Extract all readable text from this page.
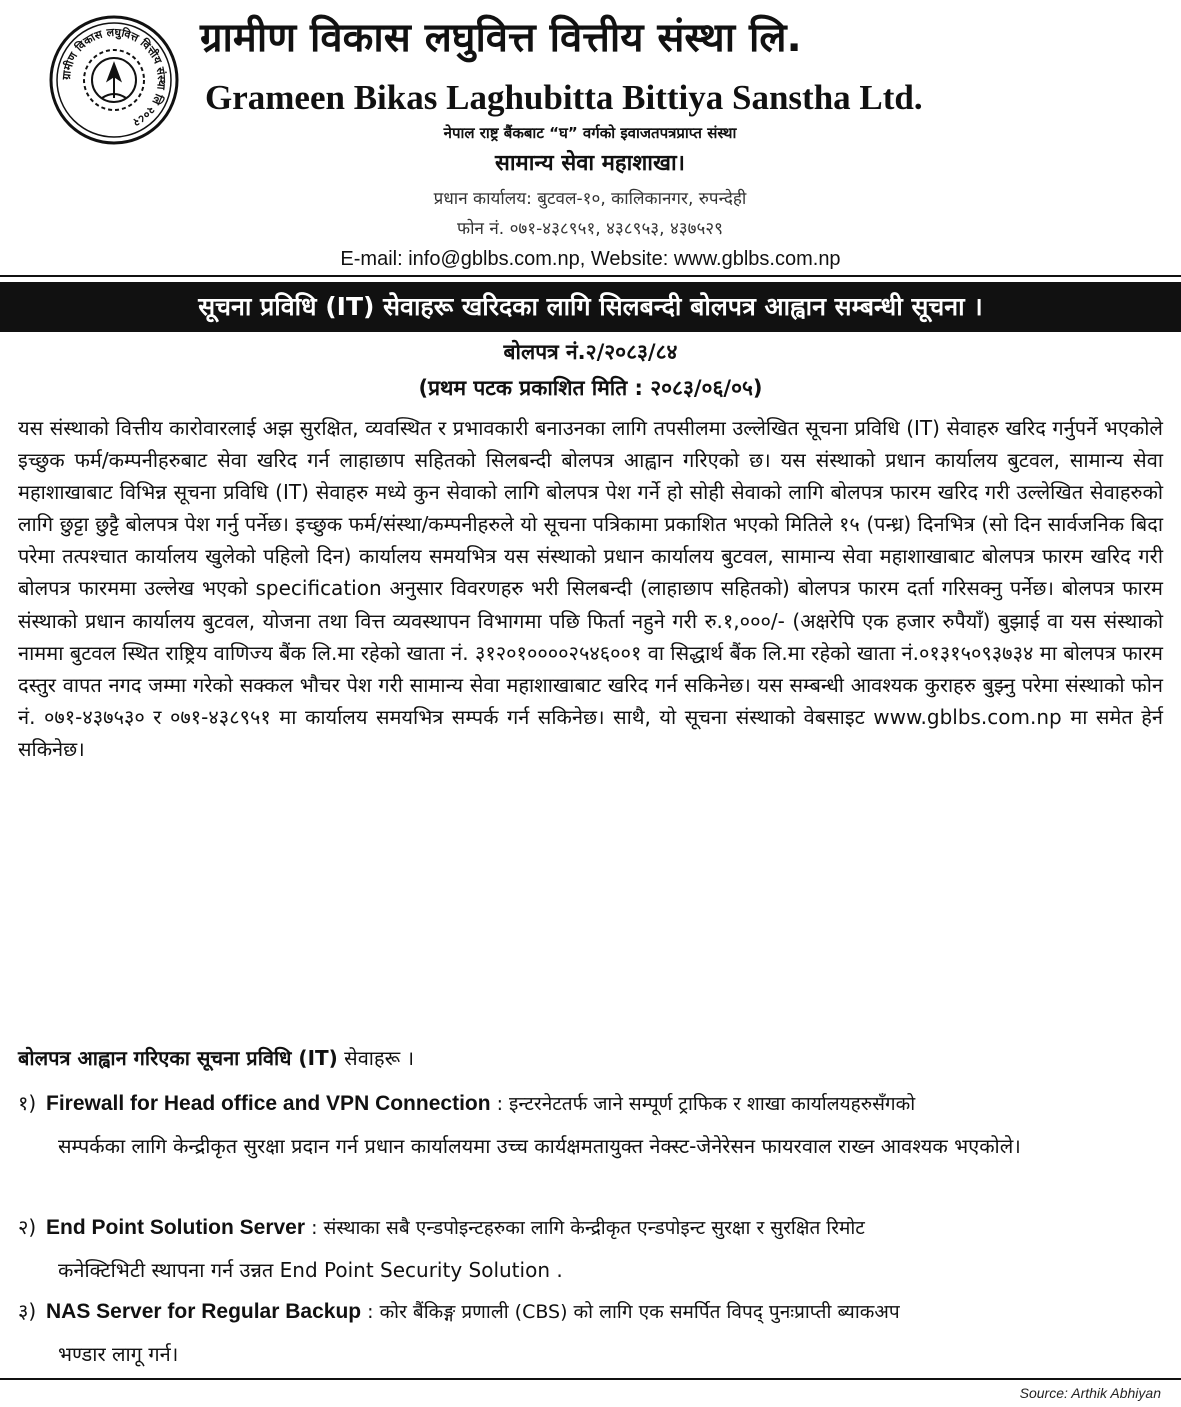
ग्रामीण विकास लघुवित्त वित्तीय संस्था लि २०८२
ग्रामीण विकास लघुवित्त वित्तीय संस्था लि.
Grameen Bikas Laghubitta Bittiya Sanstha Ltd.
नेपाल राष्ट्र बैंकबाट “घ” वर्गको इवाजतपत्रप्राप्त संस्था
सामान्य सेवा महाशाखा।
प्रधान कार्यालय: बुटवल-१०, कालिकानगर, रुपन्देही
फोन नं. ०७१-४३८९५१, ४३८९५३, ४३७५२९
E-mail: info@gblbs.com.np, Website: www.gblbs.com.np
सूचना प्रविधि (IT) सेवाहरू खरिदका लागि सिलबन्दी बोलपत्र आह्वान सम्बन्धी सूचना ।
बोलपत्र नं.२/२०८३/८४
(प्रथम पटक प्रकाशित मिति : २०८३/०६/०५)
यस संस्थाको वित्तीय कारोवारलाई अझ सुरक्षित, व्यवस्थित र प्रभावकारी बनाउनका लागि तपसीलमा उल्लेखित सूचना प्रविधि (IT) सेवाहरु खरिद गर्नुपर्ने भएकोले इच्छुक फर्म/कम्पनीहरुबाट सेवा खरिद गर्न लाहाछाप सहितको सिलबन्दी बोलपत्र आह्वान गरिएको छ। यस संस्थाको प्रधान कार्यालय बुटवल, सामान्य सेवा महाशाखाबाट विभिन्न सूचना प्रविधि (IT) सेवाहरु मध्ये कुन सेवाको लागि बोलपत्र पेश गर्ने हो सोही सेवाको लागि बोलपत्र फारम खरिद गरी उल्लेखित सेवाहरुको लागि छुट्टा छुट्टै बोलपत्र पेश गर्नु पर्नेछ। इच्छुक फर्म/संस्था/कम्पनीहरुले यो सूचना पत्रिकामा प्रकाशित भएको मितिले १५ (पन्ध्र) दिनभित्र (सो दिन सार्वजनिक बिदा परेमा तत्पश्चात कार्यालय खुलेको पहिलो दिन) कार्यालय समयभित्र यस संस्थाको प्रधान कार्यालय बुटवल, सामान्य सेवा महाशाखाबाट बोलपत्र फारम खरिद गरी बोलपत्र फारममा उल्लेख भएको specification अनुसार विवरणहरु भरी सिलबन्दी (लाहाछाप सहितको) बोलपत्र फारम दर्ता गरिसक्नु पर्नेछ। बोलपत्र फारम संस्थाको प्रधान कार्यालय बुटवल, योजना तथा वित्त व्यवस्थापन विभागमा पछि फिर्ता नहुने गरी रु.१,०००/- (अक्षरेपि एक हजार रुपैयाँ) बुझाई वा यस संस्थाको नाममा बुटवल स्थित राष्ट्रिय वाणिज्य बैंक लि.मा रहेको खाता नं. ३१२०१००००२५४६००१ वा सिद्धार्थ बैंक लि.मा रहेको खाता नं.०१३१५०९३७३४ मा बोलपत्र फारम दस्तुर वापत नगद जम्मा गरेको सक्कल भौचर पेश गरी सामान्य सेवा महाशाखाबाट खरिद गर्न सकिनेछ। यस सम्बन्धी आवश्यक कुराहरु बुझ्नु परेमा संस्थाको फोन नं. ०७१-४३७५३० र ०७१-४३८९५१ मा कार्यालय समयभित्र सम्पर्क गर्न सकिनेछ। साथै, यो सूचना संस्थाको वेबसाइट www.gblbs.com.np मा समेत हेर्न सकिनेछ।
बोलपत्र आह्वान गरिएका सूचना प्रविधि (IT) सेवाहरू ।
१) Firewall for Head office and VPN Connection : इन्टरनेटतर्फ जाने सम्पूर्ण ट्राफिक र शाखा कार्यालयहरुसँगको
सम्पर्कका लागि केन्द्रीकृत सुरक्षा प्रदान गर्न प्रधान कार्यालयमा उच्च कार्यक्षमतायुक्त नेक्स्ट-जेनेरेसन फायरवाल राख्न आवश्यक भएकोले।
२) End Point Solution Server : संस्थाका सबै एन्डपोइन्टहरुका लागि केन्द्रीकृत एन्डपोइन्ट सुरक्षा र सुरक्षित रिमोट
कनेक्टिभिटी स्थापना गर्न उन्नत End Point Security Solution .
३) NAS Server for Regular Backup : कोर बैंकिङ्ग प्रणाली (CBS) को लागि एक समर्पित विपद् पुनःप्राप्ती ब्याकअप
भण्डार लागू गर्न।
Source: Arthik Abhiyan
